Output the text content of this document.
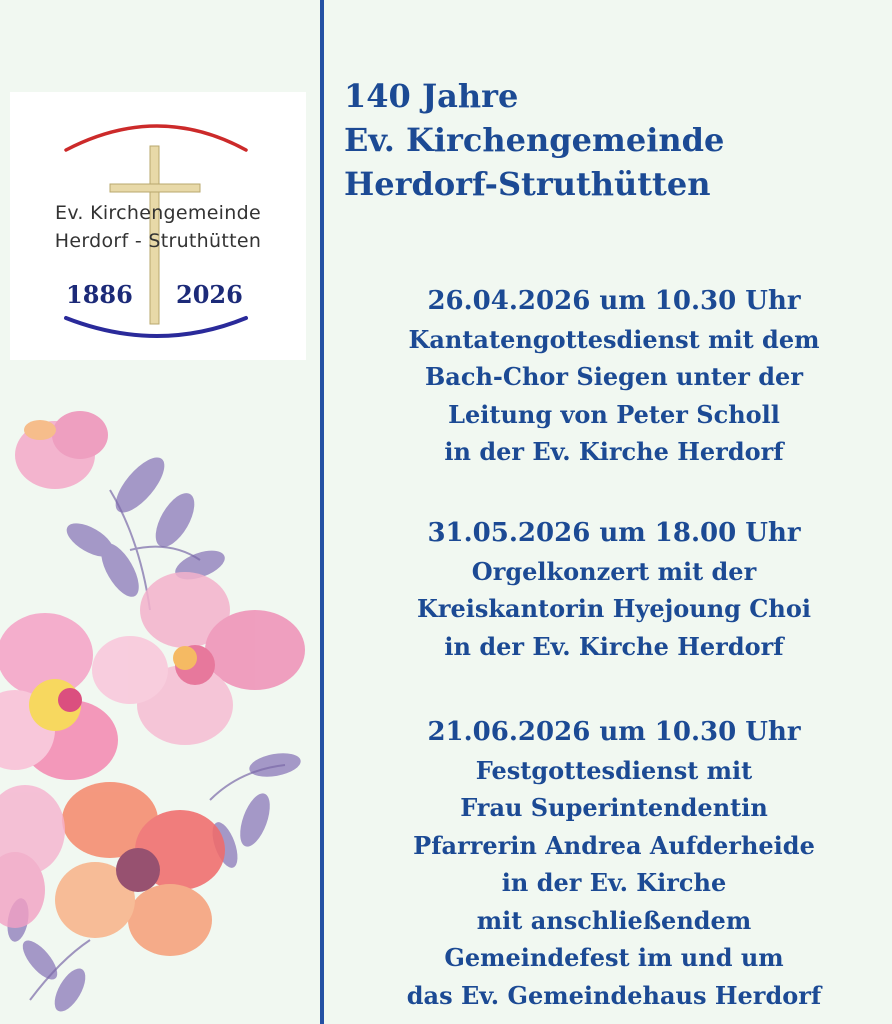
Ev. Kirchengemeinde
Herdorf - Struthütten
1886 2026
140 Jahre
Ev. Kirchengemeinde
Herdorf-Struthütten
26.04.2026 um 10.30 Uhr
Kantatengottesdienst mit dem
Bach-Chor Siegen unter der
Leitung von Peter Scholl
in der Ev. Kirche Herdorf
31.05.2026 um 18.00 Uhr
Orgelkonzert mit der
Kreiskantorin Hyejoung Choi
in der Ev. Kirche Herdorf
21.06.2026 um 10.30 Uhr
Festgottesdienst mit
Frau Superintendentin
Pfarrerin Andrea Aufderheide
in der Ev. Kirche
mit anschließendem
Gemeindefest im und um
das Ev. Gemeindehaus Herdorf
